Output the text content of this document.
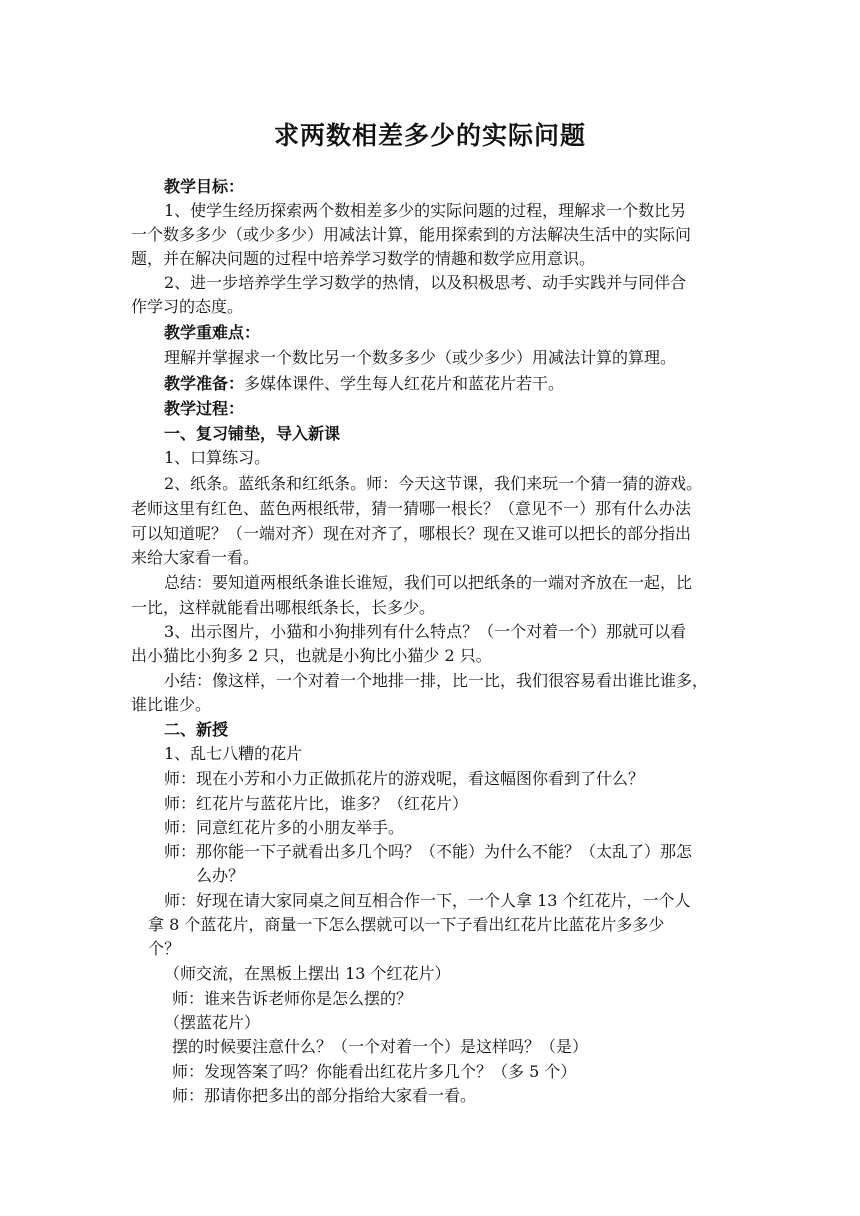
求两数相差多少的实际问题
教学目标：
1、使学生经历探索两个数相差多少的实际问题的过程，理解求一个数比另
一个数多多少（或少多少）用减法计算，能用探索到的方法解决生活中的实际问
题，并在解决问题的过程中培养学习数学的情趣和数学应用意识。
2、进一步培养学生学习数学的热情，以及积极思考、动手实践并与同伴合
作学习的态度。
教学重难点：
理解并掌握求一个数比另一个数多多少（或少多少）用减法计算的算理。
教学准备：多媒体课件、学生每人红花片和蓝花片若干。
教学过程：
一、复习铺垫，导入新课
1、口算练习。
2、纸条。蓝纸条和红纸条。师：今天这节课，我们来玩一个猜一猜的游戏。
老师这里有红色、蓝色两根纸带，猜一猜哪一根长？（意见不一）那有什么办法
可以知道呢？（一端对齐）现在对齐了，哪根长？现在又谁可以把长的部分指出
来给大家看一看。
总结：要知道两根纸条谁长谁短，我们可以把纸条的一端对齐放在一起，比
一比，这样就能看出哪根纸条长，长多少。
3、出示图片，小猫和小狗排列有什么特点？（一个对着一个）那就可以看
出小猫比小狗多 2 只，也就是小狗比小猫少 2 只。
小结：像这样，一个对着一个地排一排，比一比，我们很容易看出谁比谁多，
谁比谁少。
二、新授
1、乱七八糟的花片
师：现在小芳和小力正做抓花片的游戏呢，看这幅图你看到了什么？
师：红花片与蓝花片比，谁多？（红花片）
师：同意红花片多的小朋友举手。
师：那你能一下子就看出多几个吗？（不能）为什么不能？（太乱了）那怎
么办？
师：好现在请大家同桌之间互相合作一下，一个人拿 13 个红花片，一个人
拿 8 个蓝花片，商量一下怎么摆就可以一下子看出红花片比蓝花片多多少
个？
（师交流，在黑板上摆出 13 个红花片）
师：谁来告诉老师你是怎么摆的？
（摆蓝花片）
摆的时候要注意什么？（一个对着一个）是这样吗？（是）
师：发现答案了吗？你能看出红花片多几个？（多 5 个）
师：那请你把多出的部分指给大家看一看。
